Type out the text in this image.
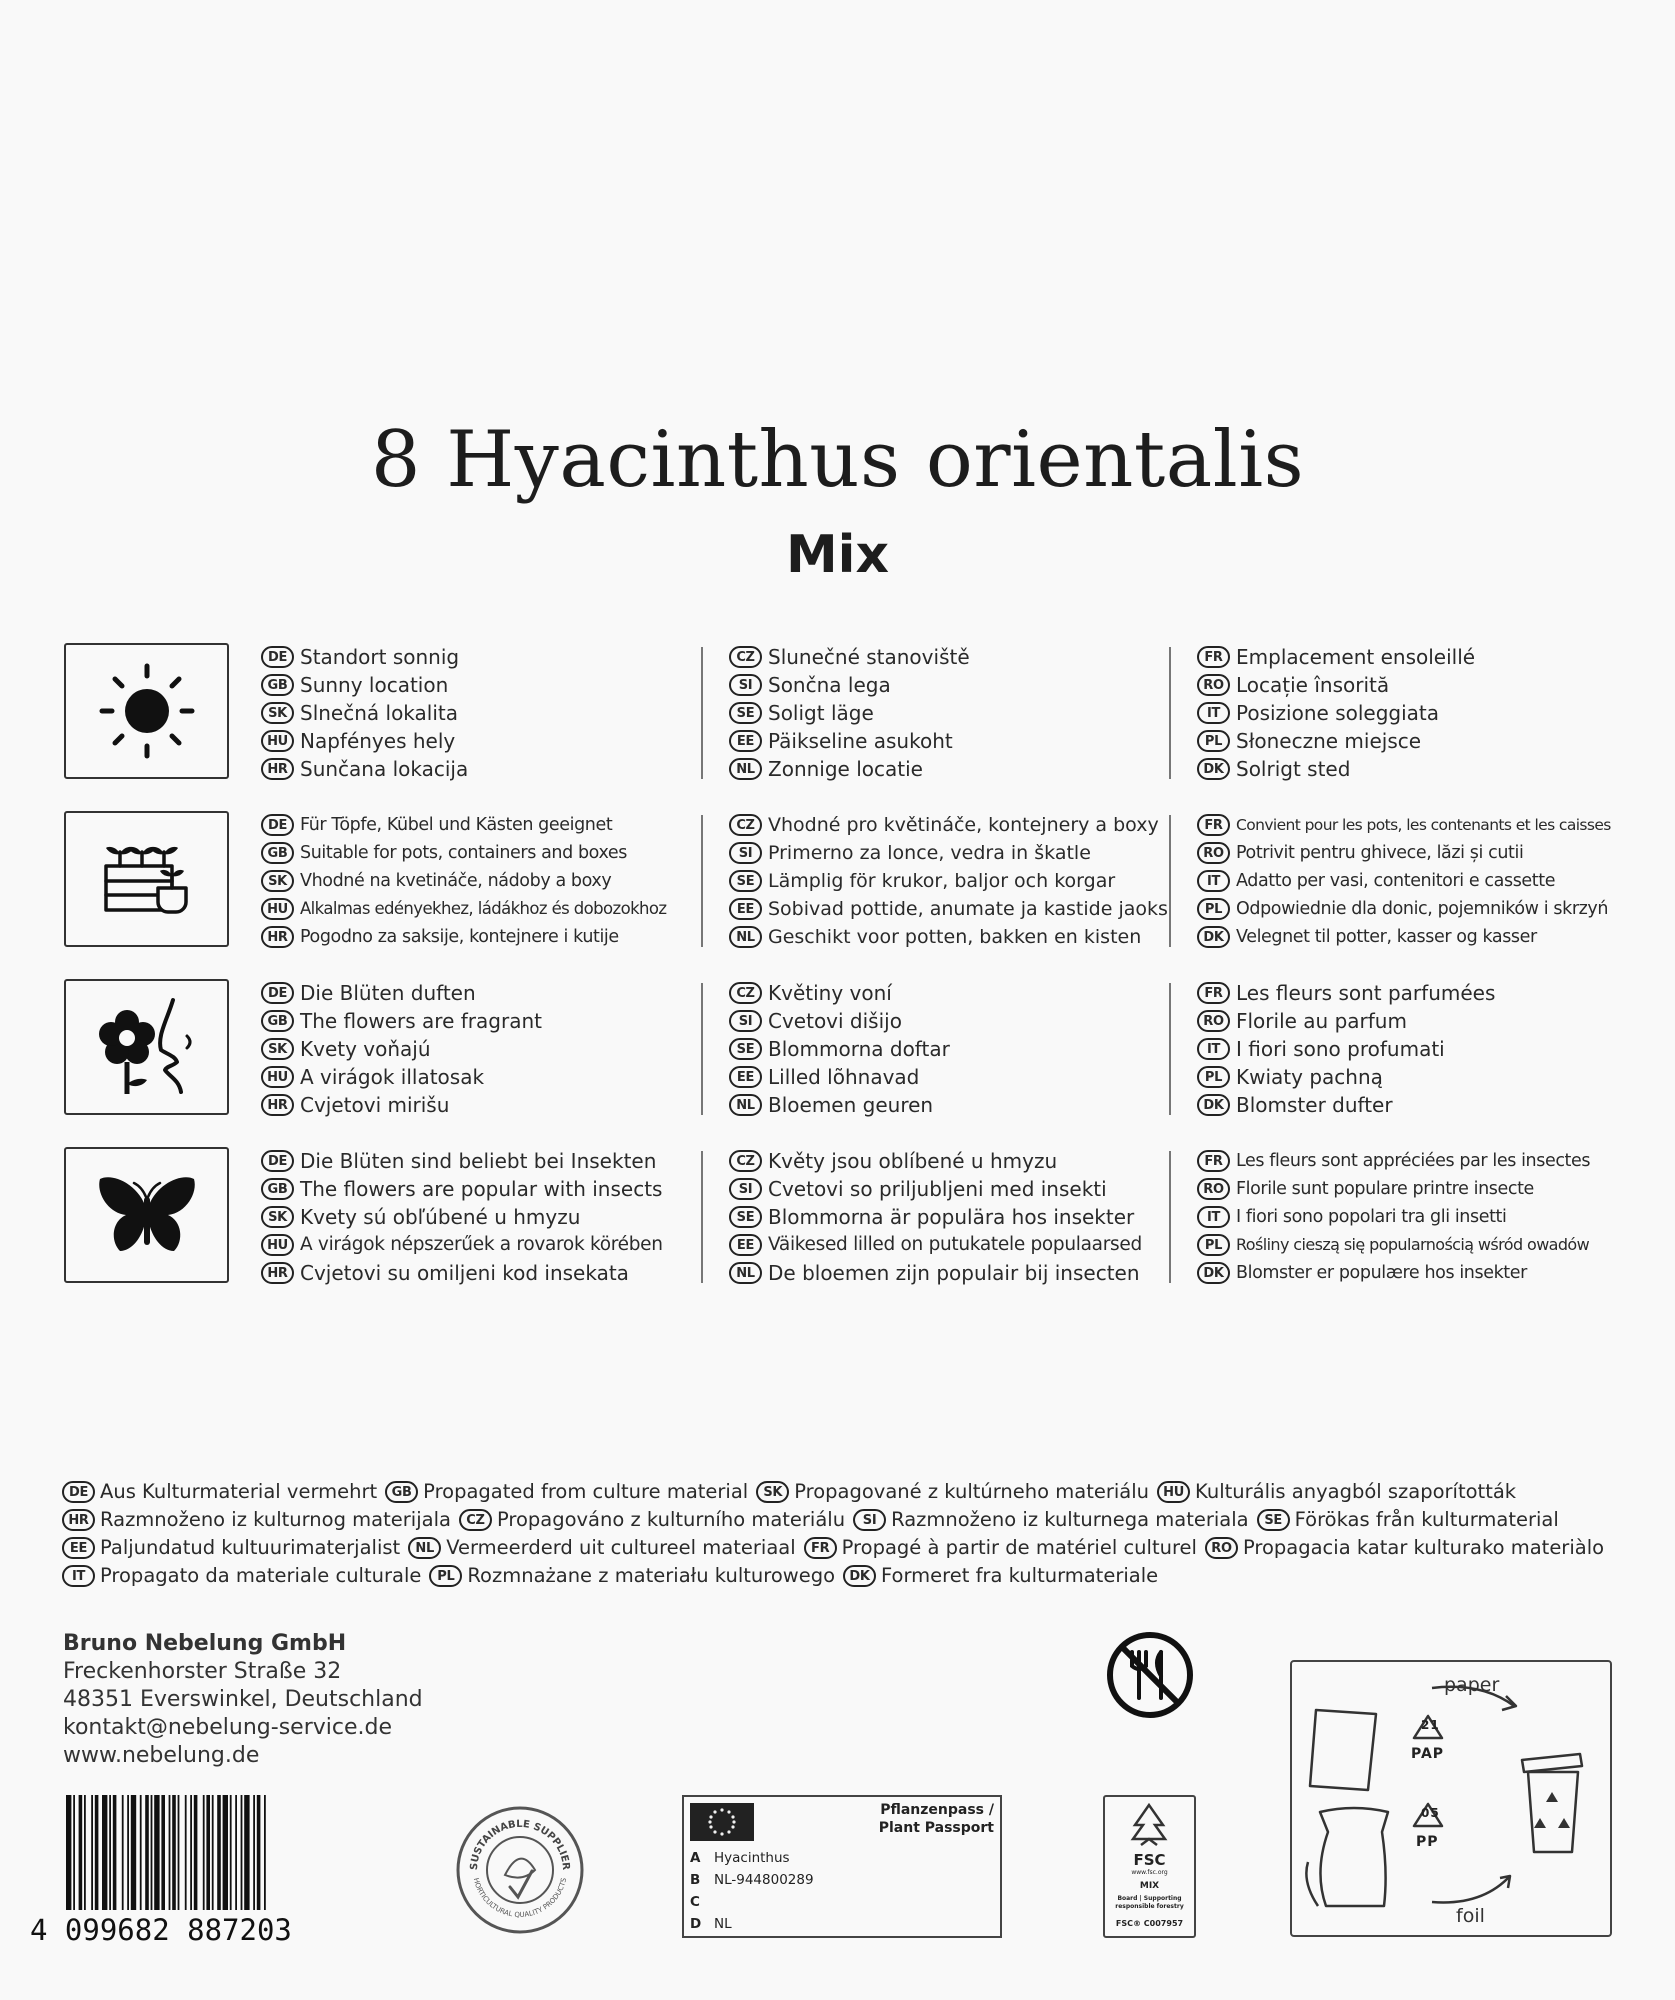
8 Hyacinthus orientalis
Mix
DE Standort sonnig
GB Sunny location
SK Slnečná lokalita
HU Napfényes hely
HR Sunčana lokacija
CZ Slunečné stanoviště
SI Sončna lega
SE Soligt läge
EE Päikseline asukoht
NL Zonnige locatie
FR Emplacement ensoleillé
RO Locație însorită
IT Posizione soleggiata
PL Słoneczne miejsce
DK Solrigt sted
DE Für Töpfe, Kübel und Kästen geeignet
GB Suitable for pots, containers and boxes
SK Vhodné na kvetináče, nádoby a boxy
HU Alkalmas edényekhez, ládákhoz és dobozokhoz
HR Pogodno za saksije, kontejnere i kutije
CZ Vhodné pro květináče, kontejnery a boxy
SI Primerno za lonce, vedra in škatle
SE Lämplig för krukor, baljor och korgar
EE Sobivad pottide, anumate ja kastide jaoks
NL Geschikt voor potten, bakken en kisten
FR Convient pour les pots, les contenants et les caisses
RO Potrivit pentru ghivece, lăzi și cutii
IT Adatto per vasi, contenitori e cassette
PL Odpowiednie dla donic, pojemników i skrzyń
DK Velegnet til potter, kasser og kasser
DE Die Blüten duften
GB The flowers are fragrant
SK Kvety voňajú
HU A virágok illatosak
HR Cvjetovi mirišu
CZ Květiny voní
SI Cvetovi dišijo
SE Blommorna doftar
EE Lilled lõhnavad
NL Bloemen geuren
FR Les fleurs sont parfumées
RO Florile au parfum
IT I fiori sono profumati
PL Kwiaty pachną
DK Blomster dufter
DE Die Blüten sind beliebt bei Insekten
GB The flowers are popular with insects
SK Kvety sú obľúbené u hmyzu
HU A virágok népszerűek a rovarok körében
HR Cvjetovi su omiljeni kod insekata
CZ Květy jsou oblíbené u hmyzu
SI Cvetovi so priljubljeni med insekti
SE Blommorna är populära hos insekter
EE Väikesed lilled on putukatele populaarsed
NL De bloemen zijn populair bij insecten
FR Les fleurs sont appréciées par les insectes
RO Florile sunt populare printre insecte
IT I fiori sono popolari tra gli insetti
PL Rośliny cieszą się popularnością wśród owadów
DK Blomster er populære hos insekter
DE Aus Kulturmaterial vermehrt	GB Propagated from culture material	SK Propagované z kultúrneho materiálu	HU Kulturális anyagból szaporították
HR Razmnoženo iz kulturnog materijala	CZ Propagováno z kulturního materiálu	SI Razmnoženo iz kulturnega materiala	SE Förökas från kulturmaterial
EE Paljundatud kultuurimaterjalist	NL Vermeerderd uit cultureel materiaal	FR Propagé à partir de matériel culturel	RO Propagacia katar kulturako materiàlo
IT Propagato da materiale culturale	PL Rozmnażane z materiału kulturowego	DK Formeret fra kulturmateriale
Bruno Nebelung GmbH
Freckenhorster Straße 32
48351 Everswinkel, Deutschland
kontakt@nebelung-service.de
www.nebelung.de
4 099682 887203
SUSTAINABLE SUPPLIER
HORTICULTURAL QUALITY PRODUCTS
Pflanzenpass /
Plant Passport
A Hyacinthus
B NL-944800289
C
D NL
FSC
www.fsc.org
MIX
Board | Supporting
responsible forestry
FSC® C007957
paper
foil
21
PAP
05
PP
